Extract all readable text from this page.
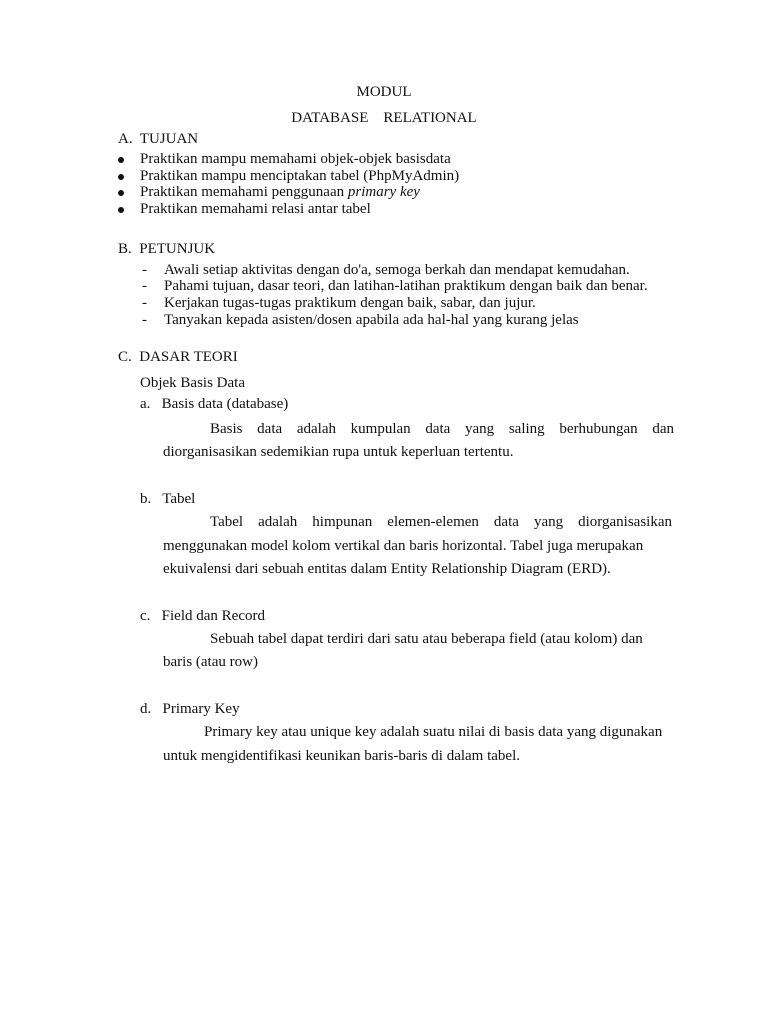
MODUL
DATABASE    RELATIONAL
A.  TUJUAN
Praktikan mampu memahami objek-objek basisdata
Praktikan mampu menciptakan tabel (PhpMyAdmin)
Praktikan memahami penggunaan primary key
Praktikan memahami relasi antar tabel
B.  PETUNJUK
- Awali setiap aktivitas dengan do'a, semoga berkah dan mendapat kemudahan.
- Pahami tujuan, dasar teori, dan latihan-latihan praktikum dengan baik dan benar.
- Kerjakan tugas-tugas praktikum dengan baik, sabar, dan jujur.
- Tanyakan kepada asisten/dosen apabila ada hal-hal yang kurang jelas
C.  DASAR TEORI
Objek Basis Data
a.   Basis data (database)
Basis data adalah kumpulan data yang saling berhubungan dan
diorganisasikan sedemikian rupa untuk keperluan tertentu.
b.   Tabel
Tabel adalah himpunan elemen-elemen data yang diorganisasikan
menggunakan model kolom vertikal dan baris horizontal. Tabel juga merupakan
ekuivalensi dari sebuah entitas dalam Entity Relationship Diagram (ERD).
c.   Field dan Record
Sebuah tabel dapat terdiri dari satu atau beberapa field (atau kolom) dan
baris (atau row)
d.   Primary Key
Primary key atau unique key adalah suatu nilai di basis data yang digunakan
untuk mengidentifikasi keunikan baris-baris di dalam tabel.
